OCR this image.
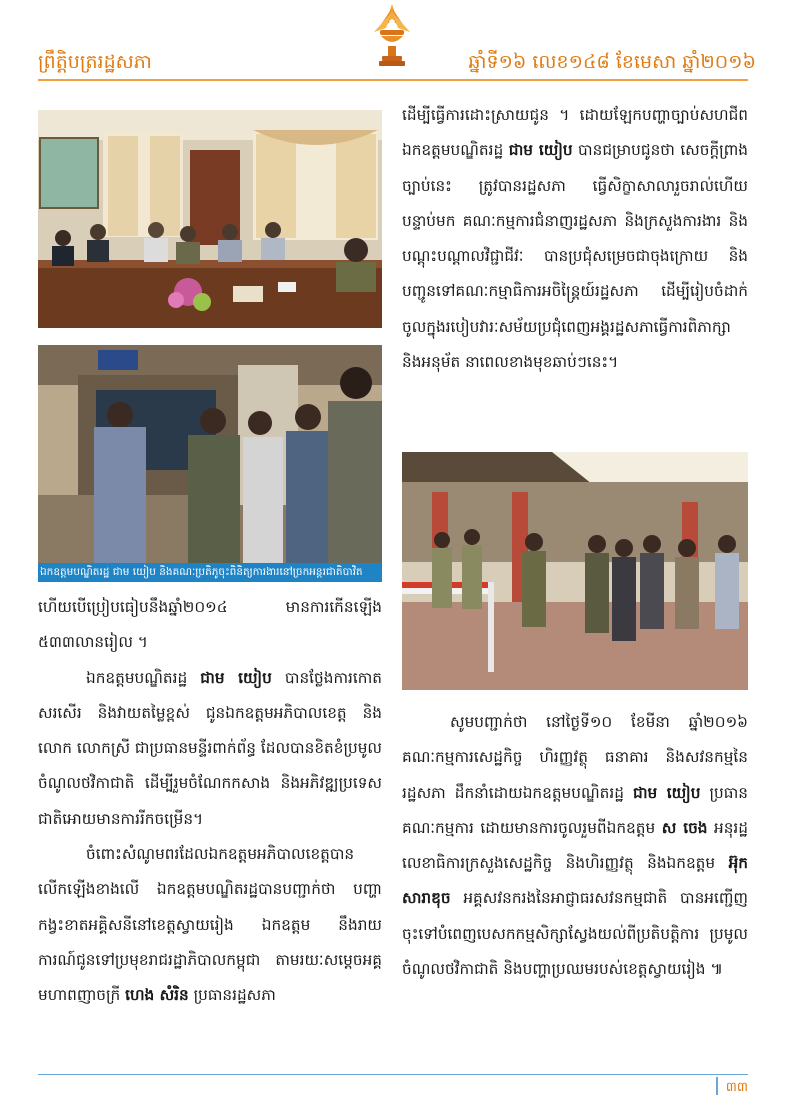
ព្រឹត្តិបត្ររដ្ឋសភា	ឆ្នាំទី១៦ លេខ១៤៨ ខែមេសា ឆ្នាំ២០១៦
ឯកឧត្តមបណ្ឌិតរដ្ឋ ជាម យៀប និងគណៈប្រតិភូចុះពិនិត្យការងារនៅច្រកអន្តរជាតិបាវិត

ហើយបើប្រៀបធៀបនឹងឆ្នាំ២០១៤ មានការកើនឡើង ៥៣៣លានរៀល ។

ឯកឧត្តមបណ្ឌិតរដ្ឋ ជាម យៀប បានថ្លែងការកោតសរសើរ និងវាយតម្លៃខ្ពស់ ជូនឯកឧត្តមអភិបាលខេត្ត និងលោក លោកស្រី ជាប្រធានមន្ទីរពាក់ព័ន្ធ ដែលបានខិតខំប្រមូលចំណូលថវិកាជាតិ ដើម្បីរួមចំណែកកសាង និងអភិវឌ្ឍប្រទេសជាតិអោយមានការរីកចម្រើន។

ចំពោះសំណូមពរដែលឯកឧត្តមអភិបាលខេត្តបានលើកឡើងខាងលើ ឯកឧត្តមបណ្ឌិតរដ្ឋបានបញ្ជាក់ថា បញ្ហាកង្វះខាតអគ្គិសនីនៅខេត្តស្វាយរៀង ឯកឧត្តម នឹងរាយការណ៍ជូនទៅប្រមុខរាជរដ្ឋាភិបាលកម្ពុជា តាមរយៈសម្តេចអគ្គមហាពញាចក្រី ហេង សំរិន ប្រធានរដ្ឋសភា

ដើម្បីធ្វើការដោះស្រាយជូន ។ ដោយឡែកបញ្ហាច្បាប់សហជីព ឯកឧត្តមបណ្ឌិតរដ្ឋ ជាម យៀប បានជម្រាបជូនថា សេចក្តីព្រាងច្បាប់នេះ ត្រូវបានរដ្ឋសភា ធ្វើសិក្ខាសាលារួចរាល់ហើយ បន្ទាប់មក គណៈកម្មការជំនាញរដ្ឋសភា និងក្រសួងការងារ និងបណ្តុះបណ្តាលវិជ្ជាជីវៈ បានប្រជុំសម្រេចជាចុងក្រោយ និងបញ្ជូនទៅគណៈកម្មាធិការអចិន្ត្រៃយ៍រដ្ឋសភា ដើម្បីរៀបចំដាក់ចូលក្នុងរបៀបវារៈសម័យប្រជុំពេញអង្គរដ្ឋសភាធ្វើការពិភាក្សា និងអនុម័ត នាពេលខាងមុខឆាប់ៗនេះ។

សូមបញ្ជាក់ថា នៅថ្ងៃទី១០ ខែមីនា ឆ្នាំ២០១៦ គណៈកម្មការសេដ្ឋកិច្ច ហិរញ្ញវត្ថុ ធនាគារ និងសវនកម្មនៃរដ្ឋសភា ដឹកនាំដោយឯកឧត្តមបណ្ឌិតរដ្ឋ ជាម យៀប ប្រធានគណៈកម្មការ ដោយមានការចូលរួមពីឯកឧត្តម ស ចេង អនុរដ្ឋលេខាធិការក្រសួងសេដ្ឋកិច្ច និងហិរញ្ញវត្ថុ និងឯកឧត្តម អ៊ុក សារាឌុច អគ្គសវនករងនៃអាជ្ញាធរសវនកម្មជាតិ បានអញ្ជើញចុះទៅបំពេញបេសកកម្មសិក្សាស្វែងយល់ពីប្រតិបត្តិការ ប្រមូលចំណូលថវិកាជាតិ និងបញ្ហាប្រឈមរបស់ខេត្តស្វាយរៀង ៕

៣៣
